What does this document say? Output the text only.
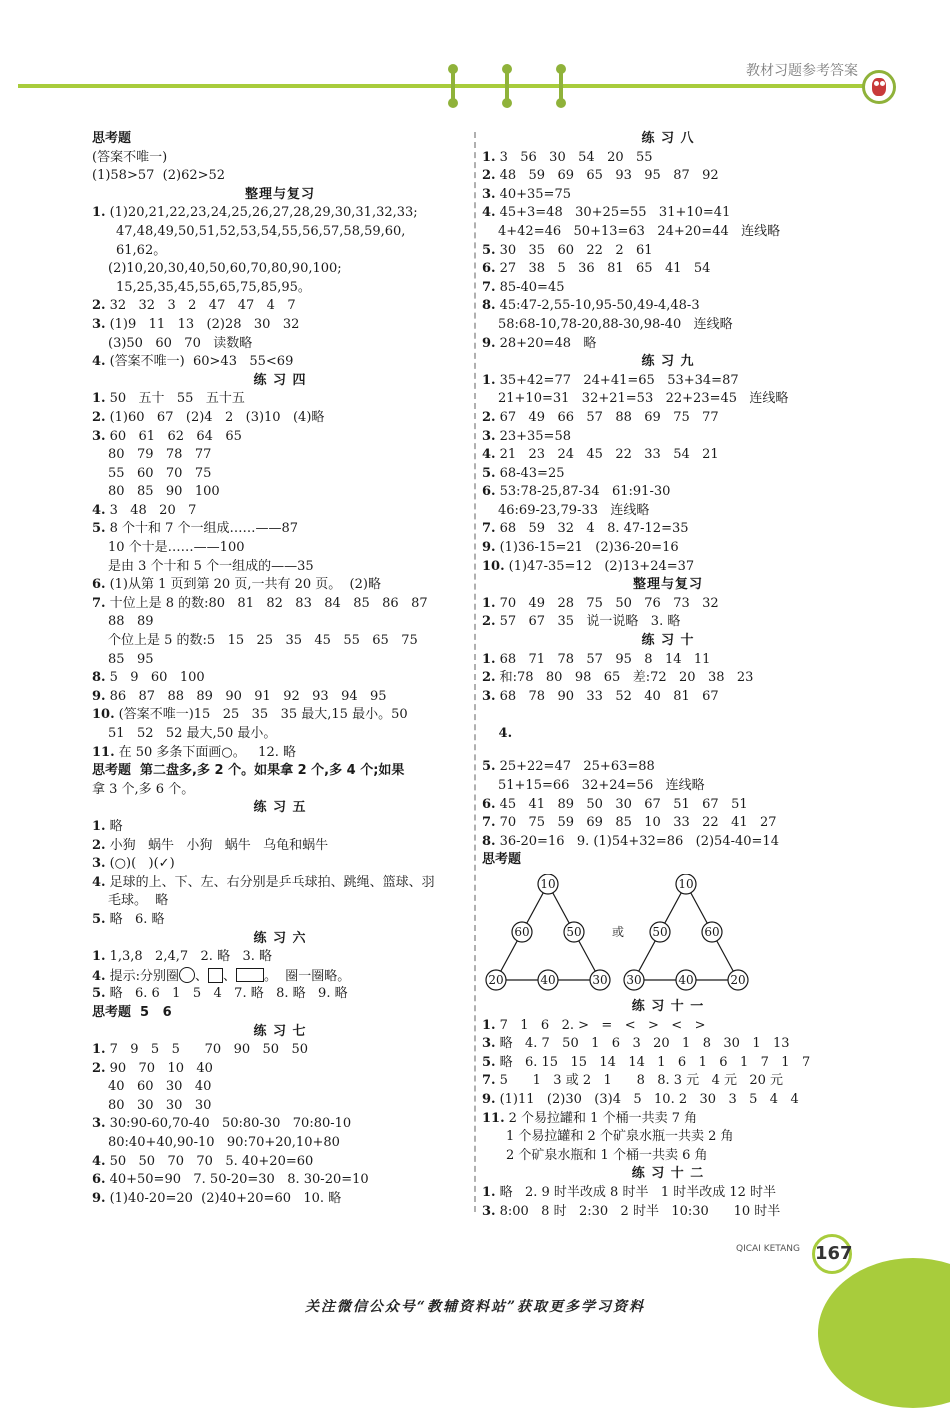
教材习题参考答案
思考题
(答案不唯一)
(1)58>57  (2)62>52
整理与复习
1. (1)20,21,22,23,24,25,26,27,28,29,30,31,32,33;
47,48,49,50,51,52,53,54,55,56,57,58,59,60,
61,62。
(2)10,20,30,40,50,60,70,80,90,100;
15,25,35,45,55,65,75,85,95。
2. 32   32   3   2   47   47   4   7
3. (1)9   11   13   (2)28   30   32
(3)50   60   70   读数略
4. (答案不唯一)  60>43   55<69
练 习 四
1. 50   五十   55   五十五
2. (1)60   67   (2)4   2   (3)10   (4)略
3. 60   61   62   64   65
80   79   78   77
55   60   70   75
80   85   90   100
4. 3   48   20   7
5. 8 个十和 7 个一组成……——87
10 个十是……——100
是由 3 个十和 5 个一组成的——35
6. (1)从第 1 页到第 20 页,一共有 20 页。  (2)略
7. 十位上是 8 的数:80   81   82   83   84   85   86   87
88   89
个位上是 5 的数:5   15   25   35   45   55   65   75
85   95
8. 5   9   60   100
9. 86   87   88   89   90   91   92   93   94   95
10. (答案不唯一)15   25   35   35 最大,15 最小。50
51   52   52 最大,50 最小。
11. 在 50 多条下面画○。   12. 略
思考题  第二盘多,多 2 个。如果拿 2 个,多 4 个;如果
拿 3 个,多 6 个。
练 习 五
1. 略
2. 小狗   蜗牛   小狗   蜗牛   乌龟和蜗牛
3. (○)(   )(✓)
4. 足球的上、下、左、右分别是乒乓球拍、跳绳、篮球、羽
毛球。  略
5. 略   6. 略
练 习 六
1. 1,3,8   2,4,7   2. 略   3. 略
4. 提示:分别圈 、 、 。  圈一圈略。
5. 略   6. 6   1   5   4   7. 略   8. 略   9. 略
思考题  5   6
练 习 七
1. 7   9   5   5      70   90   50   50
2. 90   70   10   40
40   60   30   40
80   30   30   30
3. 30:90-60,70-40   50:80-30   70:80-10
80:40+40,90-10   90:70+20,10+80
4. 50   50   70   70   5. 40+20=60
6. 40+50=90   7. 50-20=30   8. 30-20=10
9. (1)40-20=20  (2)40+20=60   10. 略
练 习 八
1. 3   56   30   54   20   55
2. 48   59   69   65   93   95   87   92
3. 40+35=75
4. 45+3=48   30+25=55   31+10=41
4+42=46   50+13=63   24+20=44   连线略
5. 30   35   60   22   2   61
6. 27   38   5   36   81   65   41   54
7. 85-40=45
8. 45:47-2,55-10,95-50,49-4,48-3
58:68-10,78-20,88-30,98-40   连线略
9. 28+20=48   略
练 习 九
1. 35+42=77   24+41=65   53+34=87
21+10=31   32+21=53   22+23=45   连线略
2. 67   49   66   57   88   69   75   77
3. 23+35=58
4. 21   23   24   45   22   33   54   21
5. 68-43=25
6. 53:78-25,87-34   61:91-30
46:69-23,79-33   连线略
7. 68   59   32   4   8. 47-12=35
9. (1)36-15=21   (2)36-20=16
10. (1)47-35=12   (2)13+24=37
整理与复习
1. 70   49   28   75   50   76   73   32
2. 57   67   35   说一说略   3. 略
练 习 十
1. 68   71   78   57   95   8   14   11
2. 和:78   80   98   65   差:72   20   38   23
3. 68   78   90   33   52   40   81   67

4.

5. 25+22=47   25+63=88
51+15=66   32+24=56   连线略
6. 45   41   89   50   30   67   51   67   51
7. 70   75   59   69   85   10   33   22   41   27
8. 36-20=16   9. (1)54+32=86   (2)54-40=14
思考题
10
60	50
20	40	30
或
10
50	60
30	40	20
练 习 十 一
1. 7   1   6   2. >   =   <   >   <   >
3. 略   4. 7   50   1   6   3   20   1   8   30   1   13
5. 略   6. 15   15   14   14   1   6   1   6   1   7   1   7
7. 5      1   3 或 2   1      8   8. 3 元   4 元   20 元
9. (1)11   (2)30   (3)4   5   10. 2   30   3   5   4   4
11. 2 个易拉罐和 1 个桶一共卖 7 角
1 个易拉罐和 2 个矿泉水瓶一共卖 2 角
2 个矿泉水瓶和 1 个桶一共卖 6 角
练 习 十 二
1. 略   2. 9 时半改成 8 时半   1 时半改成 12 时半
3. 8:00   8 时   2:30   2 时半   10:30      10 时半
QICAI KETANG 167
关注微信公众号“教辅资料站”获取更多学习资料
